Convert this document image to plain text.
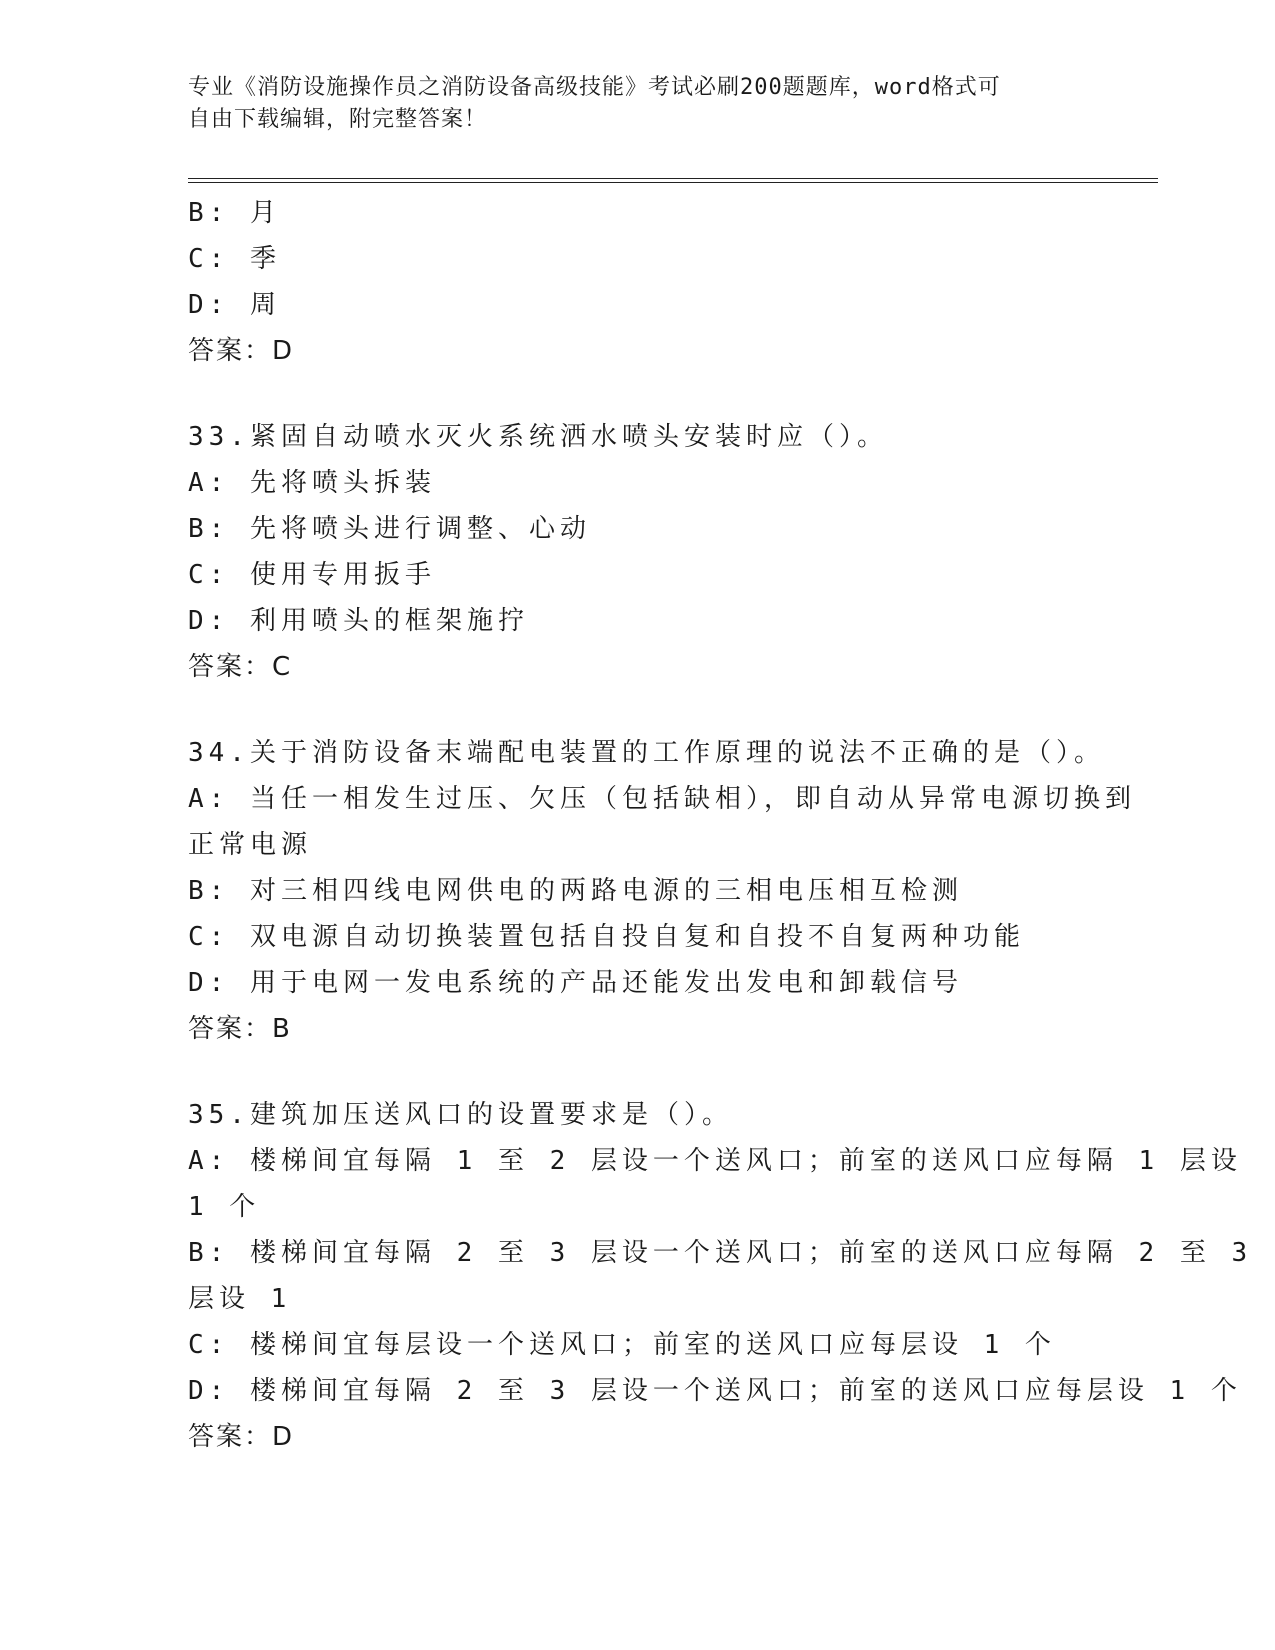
专业《消防设施操作员之消防设备高级技能》考试必刷200题题库，word格式可
自由下载编辑，附完整答案！
B: 月
C: 季
D: 周
答案：D
33.紧固自动喷水灭火系统洒水喷头安装时应（）。
A: 先将喷头拆装
B: 先将喷头进行调整、心动
C: 使用专用扳手
D: 利用喷头的框架施拧
答案：C
34.关于消防设备末端配电装置的工作原理的说法不正确的是（）。
A: 当任一相发生过压、欠压（包括缺相），即自动从异常电源切换到
正常电源
B: 对三相四线电网供电的两路电源的三相电压相互检测
C: 双电源自动切换装置包括自投自复和自投不自复两种功能
D: 用于电网一发电系统的产品还能发出发电和卸载信号
答案：B
35.建筑加压送风口的设置要求是（）。
A: 楼梯间宜每隔 1 至 2 层设一个送风口；前室的送风口应每隔 1 层设
1 个
B: 楼梯间宜每隔 2 至 3 层设一个送风口；前室的送风口应每隔 2 至 3
层设 1
C: 楼梯间宜每层设一个送风口；前室的送风口应每层设 1 个
D: 楼梯间宜每隔 2 至 3 层设一个送风口；前室的送风口应每层设 1 个
答案：D
